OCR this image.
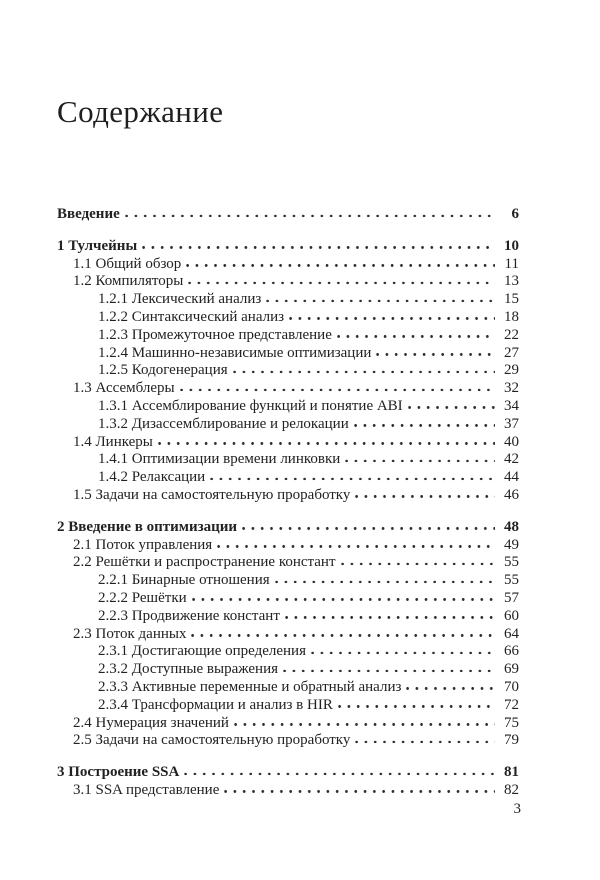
Содержание
Введение	6
1 Тулчейны	10
1.1 Общий обзор	11
1.2 Компиляторы	13
1.2.1 Лексический анализ	15
1.2.2 Синтаксический анализ	18
1.2.3 Промежуточное представление	22
1.2.4 Машинно-независимые оптимизации	27
1.2.5 Кодогенерация	29
1.3 Ассемблеры	32
1.3.1 Ассемблирование функций и понятие ABI	34
1.3.2 Дизассемблирование и релокации	37
1.4 Линкеры	40
1.4.1 Оптимизации времени линковки	42
1.4.2 Релаксации	44
1.5 Задачи на самостоятельную проработку	46
2 Введение в оптимизации	48
2.1 Поток управления	49
2.2 Решётки и распространение констант	55
2.2.1 Бинарные отношения	55
2.2.2 Решётки	57
2.2.3 Продвижение констант	60
2.3 Поток данных	64
2.3.1 Достигающие определения	66
2.3.2 Доступные выражения	69
2.3.3 Активные переменные и обратный анализ	70
2.3.4 Трансформации и анализ в HIR	72
2.4 Нумерация значений	75
2.5 Задачи на самостоятельную проработку	79
3 Построение SSA	81
3.1 SSA представление	82
3
